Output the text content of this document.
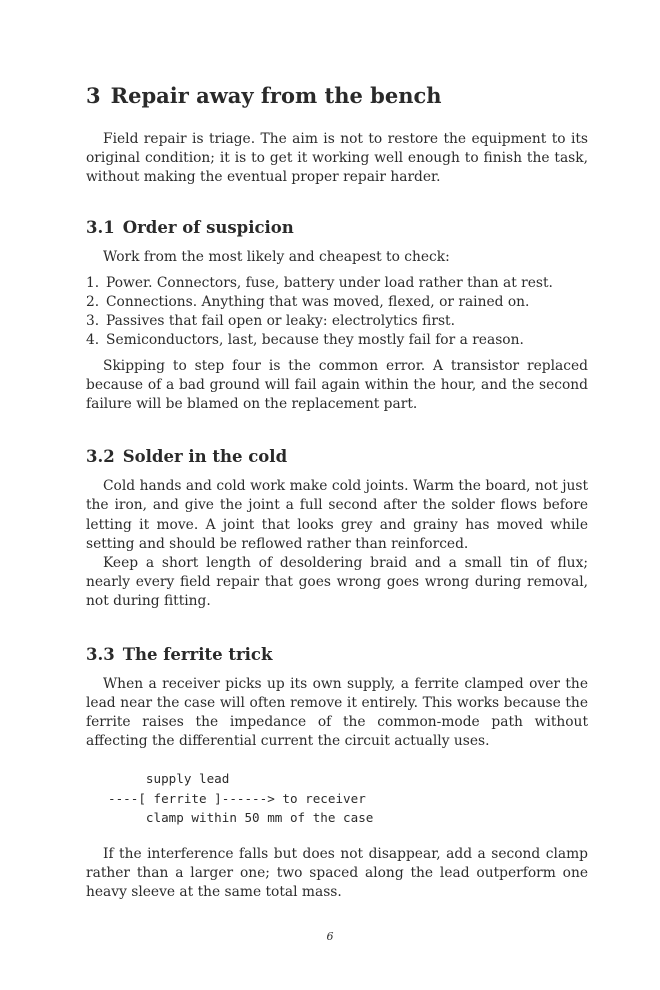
3 Repair away from the bench

Field repair is triage. The aim is not to restore the equipment to its original condition; it is to get it working well enough to finish the task, without making the eventual proper repair harder.

3.1 Order of suspicion

Work from the most likely and cheapest to check:

1. Power. Connectors, fuse, battery under load rather than at rest.
2. Connections. Anything that was moved, flexed, or rained on.
3. Passives that fail open or leaky: electrolytics first.
4. Semiconductors, last, because they mostly fail for a reason.

Skipping to step four is the common error. A transistor replaced because of a bad ground will fail again within the hour, and the second failure will be blamed on the replacement part.

3.2 Solder in the cold

Cold hands and cold work make cold joints. Warm the board, not just the iron, and give the joint a full second after the solder flows before letting it move. A joint that looks grey and grainy has moved while setting and should be reflowed rather than reinforced.

Keep a short length of desoldering braid and a small tin of flux; nearly every field repair that goes wrong goes wrong during removal, not during fitting.

3.3 The ferrite trick

When a receiver picks up its own supply, a ferrite clamped over the lead near the case will often remove it entirely. This works because the ferrite raises the impedance of the common-mode path without affecting the differential current the circuit actually uses.

supply lead
----[ ferrite ]------> to receiver
clamp within 50 mm of the case

If the interference falls but does not disappear, add a second clamp rather than a larger one; two spaced along the lead outperform one heavy sleeve at the same total mass.

6
